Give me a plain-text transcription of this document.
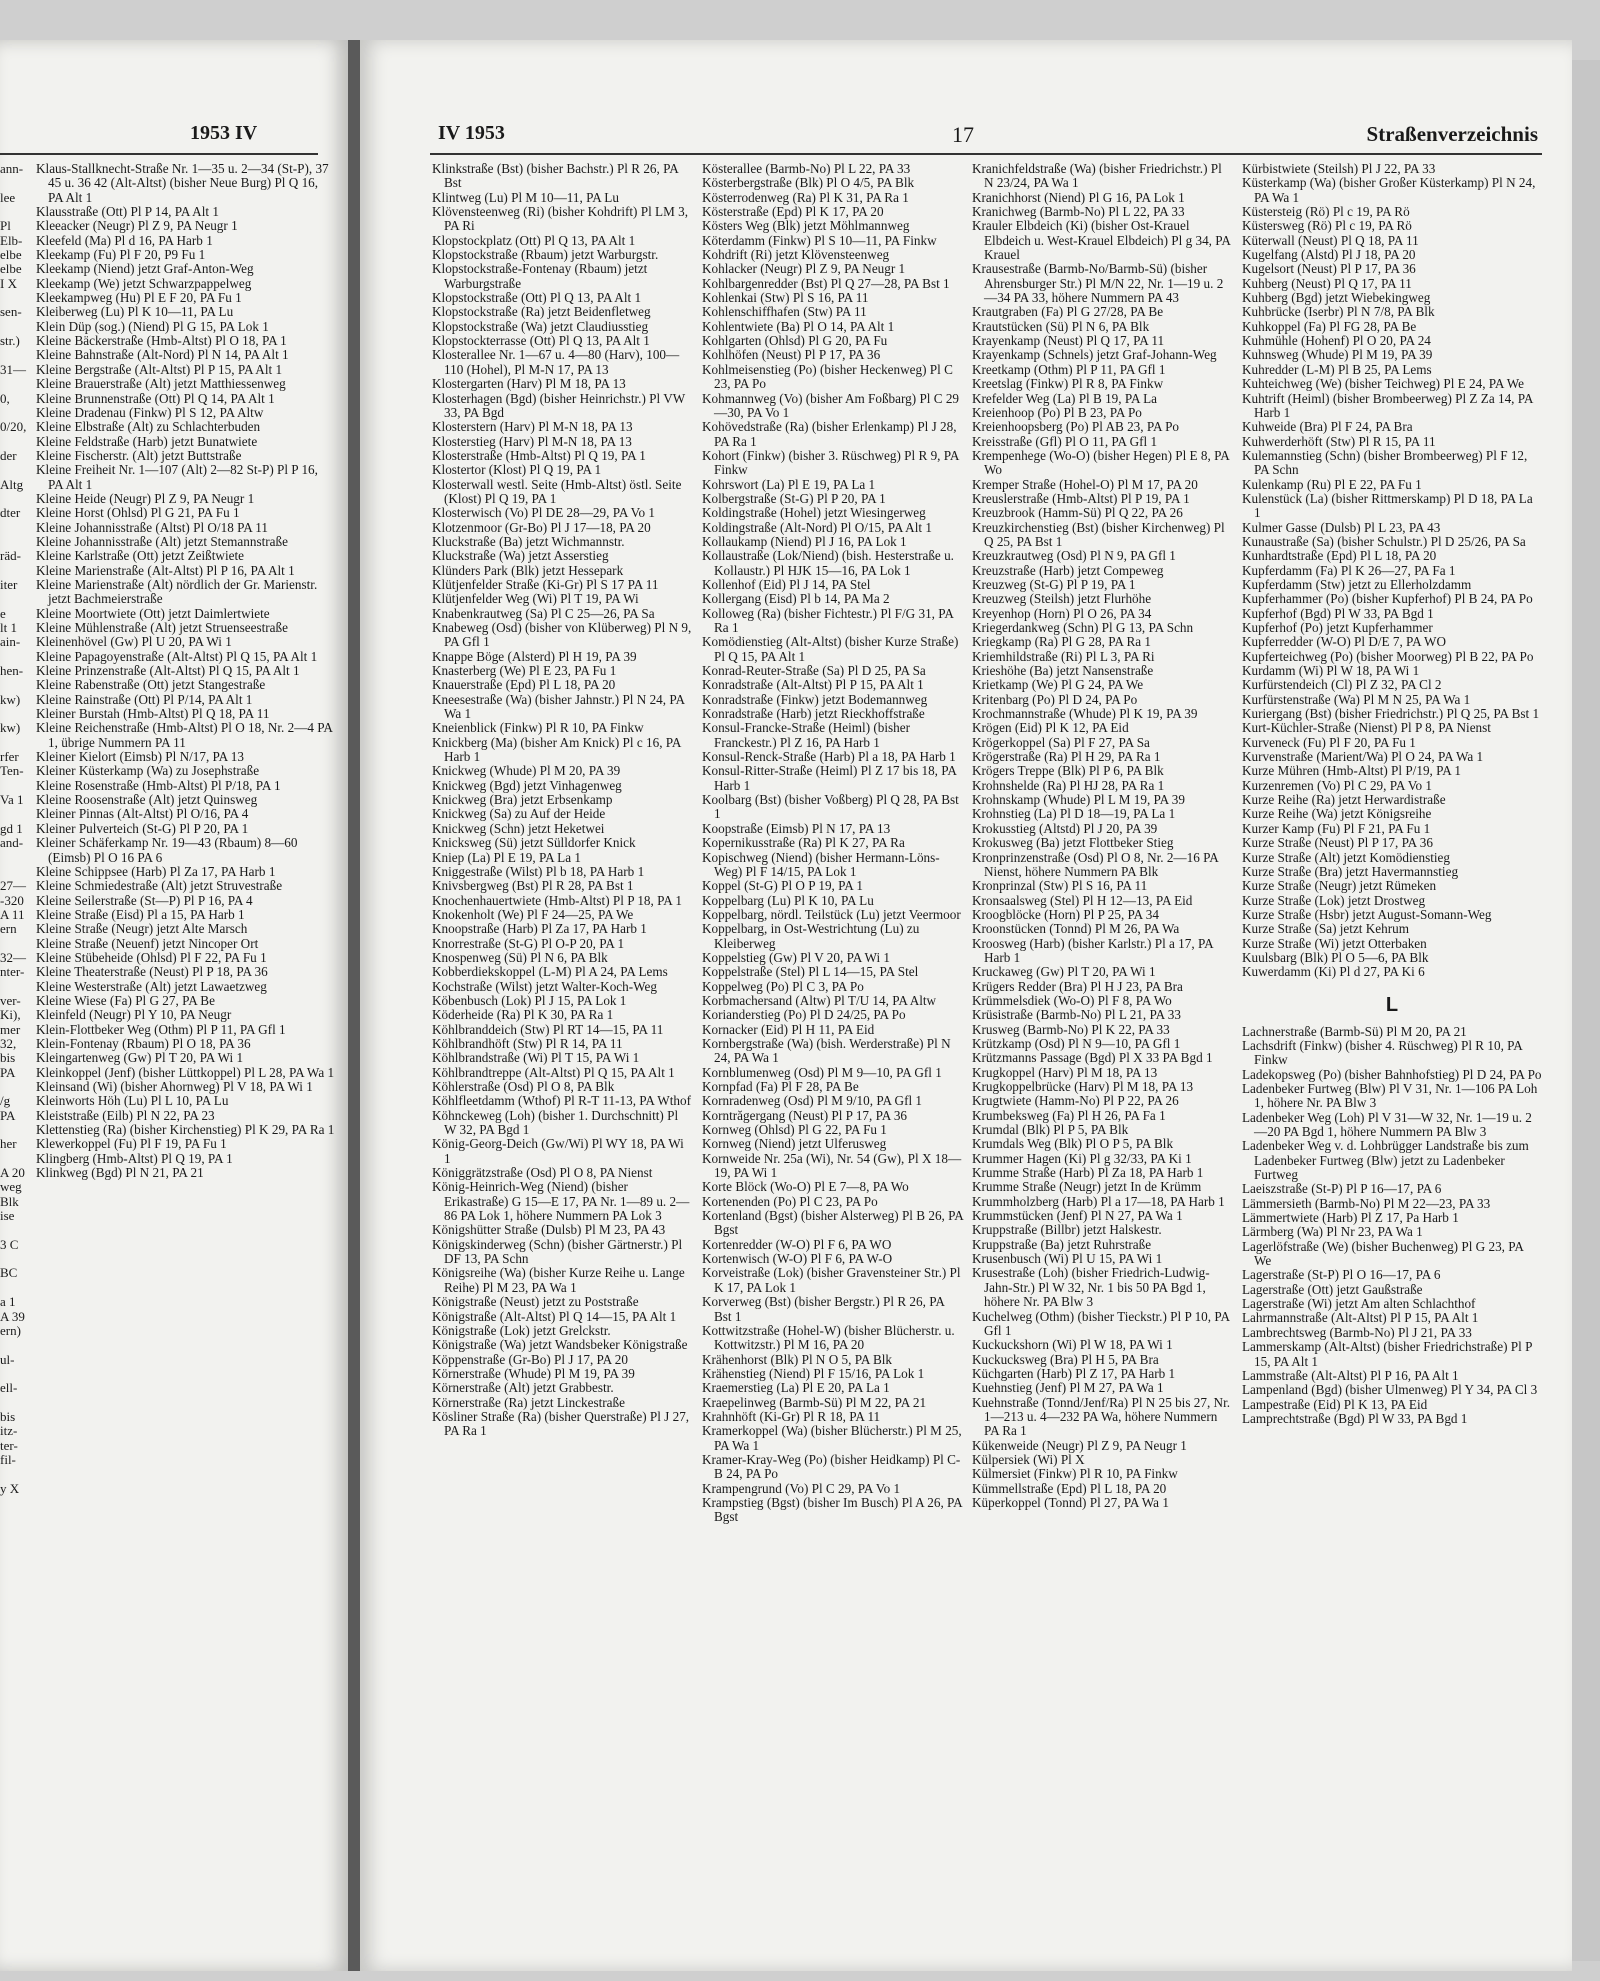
1953 IV
ann-

lee

Pl
Elb-
elbe
elbe
I X

sen-

str.)

31—

0,

0/20,

der

Altg

dter

räd-

iter

e
lt 1
ain-

hen-

kw)

kw)

rfer
Ten-

Va 1

gd 1
and-

27—
-320
A 11
ern

32—
nter-

ver-
Ki),
mer
32,
bis
PA

/g
PA

her

A 20
weg
Blk
ise

3 C

BC

a 1
A 39
ern)

ul-

ell-

bis
itz-
ter-
fil-

y X
Klaus-Stallknecht-Straße Nr. 1—35 u. 2—34 (St-P), 37 45 u. 36 42 (Alt-Altst) (bisher Neue Burg) Pl Q 16, PA Alt 1
Klausstraße (Ott) Pl P 14, PA Alt 1
Kleeacker (Neugr) Pl Z 9, PA Neugr 1
Kleefeld (Ma) Pl d 16, PA Harb 1
Kleekamp (Fu) Pl F 20, P9 Fu 1
Kleekamp (Niend) jetzt Graf-Anton-Weg
Kleekamp (We) jetzt Schwarzpappelweg
Kleekampweg (Hu) Pl E F 20, PA Fu 1
Kleiberweg (Lu) Pl K 10—11, PA Lu
Klein Düp (sog.) (Niend) Pl G 15, PA Lok 1
Kleine Bäckerstraße (Hmb-Altst) Pl O 18, PA 1
Kleine Bahnstraße (Alt-Nord) Pl N 14, PA Alt 1
Kleine Bergstraße (Alt-Altst) Pl P 15, PA Alt 1
Kleine Brauerstraße (Alt) jetzt Matthiessenweg
Kleine Brunnenstraße (Ott) Pl Q 14, PA Alt 1
Kleine Dradenau (Finkw) Pl S 12, PA Altw
Kleine Elbstraße (Alt) zu Schlachterbuden
Kleine Feldstraße (Harb) jetzt Bunatwiete
Kleine Fischerstr. (Alt) jetzt Buttstraße
Kleine Freiheit Nr. 1—107 (Alt) 2—82 St-P) Pl P 16, PA Alt 1
Kleine Heide (Neugr) Pl Z 9, PA Neugr 1
Kleine Horst (Ohlsd) Pl G 21, PA Fu 1
Kleine Johannisstraße (Altst) Pl O/18 PA 11
Kleine Johannisstraße (Alt) jetzt Stemannstraße
Kleine Karlstraße (Ott) jetzt Zeißtwiete
Kleine Marienstraße (Alt-Altst) Pl P 16, PA Alt 1
Kleine Marienstraße (Alt) nördlich der Gr. Marienstr. jetzt Bachmeierstraße
Kleine Moortwiete (Ott) jetzt Daimlertwiete
Kleine Mühlenstraße (Alt) jetzt Struenseestraße
Kleinenhövel (Gw) Pl U 20, PA Wi 1
Kleine Papagoyenstraße (Alt-Altst) Pl Q 15, PA Alt 1
Kleine Prinzenstraße (Alt-Altst) Pl Q 15, PA Alt 1
Kleine Rabenstraße (Ott) jetzt Stangestraße
Kleine Rainstraße (Ott) Pl P/14, PA Alt 1
Kleiner Burstah (Hmb-Altst) Pl Q 18, PA 11
Kleine Reichenstraße (Hmb-Altst) Pl O 18, Nr. 2—4 PA 1, übrige Nummern PA 11
Kleiner Kielort (Eimsb) Pl N/17, PA 13
Kleiner Küsterkamp (Wa) zu Josephstraße
Kleine Rosenstraße (Hmb-Altst) Pl P/18, PA 1
Kleine Roosenstraße (Alt) jetzt Quinsweg
Kleiner Pinnas (Alt-Altst) Pl O/16, PA 4
Kleiner Pulverteich (St-G) Pl P 20, PA 1
Kleiner Schäferkamp Nr. 19—43 (Rbaum) 8—60 (Eimsb) Pl O 16 PA 6
Kleine Schippsee (Harb) Pl Za 17, PA Harb 1
Kleine Schmiedestraße (Alt) jetzt Struvestraße
Kleine Seilerstraße (St—P) Pl P 16, PA 4
Kleine Straße (Eisd) Pl a 15, PA Harb 1
Kleine Straße (Neugr) jetzt Alte Marsch
Kleine Straße (Neuenf) jetzt Nincoper Ort
Kleine Stübeheide (Ohlsd) Pl F 22, PA Fu 1
Kleine Theaterstraße (Neust) Pl P 18, PA 36
Kleine Westerstraße (Alt) jetzt Lawaetzweg
Kleine Wiese (Fa) Pl G 27, PA Be
Kleinfeld (Neugr) Pl Y 10, PA Neugr
Klein-Flottbeker Weg (Othm) Pl P 11, PA Gfl 1
Klein-Fontenay (Rbaum) Pl O 18, PA 36
Kleingartenweg (Gw) Pl T 20, PA Wi 1
Kleinkoppel (Jenf) (bisher Lüttkoppel) Pl L 28, PA Wa 1
Kleinsand (Wi) (bisher Ahornweg) Pl V 18, PA Wi 1
Kleinworts Höh (Lu) Pl L 10, PA Lu
Kleiststraße (Eilb) Pl N 22, PA 23
Klettenstieg (Ra) (bisher Kirchenstieg) Pl K 29, PA Ra 1
Klewerkoppel (Fu) Pl F 19, PA Fu 1
Klingberg (Hmb-Altst) Pl Q 19, PA 1
Klinkweg (Bgd) Pl N 21, PA 21
IV 1953	17	Straßenverzeichnis
Klinkstraße (Bst) (bisher Bachstr.) Pl R 26, PA Bst
Klintweg (Lu) Pl M 10—11, PA Lu
Klövensteenweg (Ri) (bisher Kohdrift) Pl LM 3, PA Ri
Klopstockplatz (Ott) Pl Q 13, PA Alt 1
Klopstockstraße (Rbaum) jetzt Warburgstr.
Klopstockstraße-Fontenay (Rbaum) jetzt Warburgstraße
Klopstockstraße (Ott) Pl Q 13, PA Alt 1
Klopstockstraße (Ra) jetzt Beidenfletweg
Klopstockstraße (Wa) jetzt Claudiusstieg
Klopstockterrasse (Ott) Pl Q 13, PA Alt 1
Klosterallee Nr. 1—67 u. 4—80 (Harv), 100—110 (Hohel), Pl M-N 17, PA 13
Klostergarten (Harv) Pl M 18, PA 13
Klosterhagen (Bgd) (bisher Heinrichstr.) Pl VW 33, PA Bgd
Klosterstern (Harv) Pl M-N 18, PA 13
Klosterstieg (Harv) Pl M-N 18, PA 13
Klosterstraße (Hmb-Altst) Pl Q 19, PA 1
Klostertor (Klost) Pl Q 19, PA 1
Klosterwall westl. Seite (Hmb-Altst) östl. Seite (Klost) Pl Q 19, PA 1
Klosterwisch (Vo) Pl DE 28—29, PA Vo 1
Klotzenmoor (Gr-Bo) Pl J 17—18, PA 20
Kluckstraße (Ba) jetzt Wichmannstr.
Kluckstraße (Wa) jetzt Asserstieg
Klünders Park (Blk) jetzt Hessepark
Klütjenfelder Straße (Ki-Gr) Pl S 17 PA 11
Klütjenfelder Weg (Wi) Pl T 19, PA Wi
Knabenkrautweg (Sa) Pl C 25—26, PA Sa
Knabeweg (Osd) (bisher von Klüberweg) Pl N 9, PA Gfl 1
Knappe Böge (Alsterd) Pl H 19, PA 39
Knasterberg (We) Pl E 23, PA Fu 1
Knauerstraße (Epd) Pl L 18, PA 20
Kneesestraße (Wa) (bisher Jahnstr.) Pl N 24, PA Wa 1
Kneienblick (Finkw) Pl R 10, PA Finkw
Knickberg (Ma) (bisher Am Knick) Pl c 16, PA Harb 1
Knickweg (Whude) Pl M 20, PA 39
Knickweg (Bgd) jetzt Vinhagenweg
Knickweg (Bra) jetzt Erbsenkamp
Knickweg (Sa) zu Auf der Heide
Knickweg (Schn) jetzt Heketwei
Knicksweg (Sü) jetzt Sülldorfer Knick
Kniep (La) Pl E 19, PA La 1
Kniggestraße (Wilst) Pl b 18, PA Harb 1
Knivsbergweg (Bst) Pl R 28, PA Bst 1
Knochenhauertwiete (Hmb-Altst) Pl P 18, PA 1
Knokenholt (We) Pl F 24—25, PA We
Knoopstraße (Harb) Pl Za 17, PA Harb 1
Knorrestraße (St-G) Pl O-P 20, PA 1
Knospenweg (Sü) Pl N 6, PA Blk
Kobberdiekskoppel (L-M) Pl A 24, PA Lems
Kochstraße (Wilst) jetzt Walter-Koch-Weg
Köbenbusch (Lok) Pl J 15, PA Lok 1
Köderheide (Ra) Pl K 30, PA Ra 1
Köhlbranddeich (Stw) Pl RT 14—15, PA 11
Köhlbrandhöft (Stw) Pl R 14, PA 11
Köhlbrandstraße (Wi) Pl T 15, PA Wi 1
Köhlbrandtreppe (Alt-Altst) Pl Q 15, PA Alt 1
Köhlerstraße (Osd) Pl O 8, PA Blk
Köhlfleetdamm (Wthof) Pl R-T 11-13, PA Wthof
Köhnckeweg (Loh) (bisher 1. Durchschnitt) Pl W 32, PA Bgd 1
König-Georg-Deich (Gw/Wi) Pl WY 18, PA Wi 1
Königgrätzstraße (Osd) Pl O 8, PA Nienst
König-Heinrich-Weg (Niend) (bisher Erikastraße) G 15—E 17, PA Nr. 1—89 u. 2—86 PA Lok 1, höhere Nummern PA Lok 3
Königshütter Straße (Dulsb) Pl M 23, PA 43
Königskinderweg (Schn) (bisher Gärtnerstr.) Pl DF 13, PA Schn
Königsreihe (Wa) (bisher Kurze Reihe u. Lange Reihe) Pl M 23, PA Wa 1
Königstraße (Neust) jetzt zu Poststraße
Königstraße (Alt-Altst) Pl Q 14—15, PA Alt 1
Königstraße (Lok) jetzt Grelckstr.
Königstraße (Wa) jetzt Wandsbeker Königstraße
Köppenstraße (Gr-Bo) Pl J 17, PA 20
Körnerstraße (Whude) Pl M 19, PA 39
Körnerstraße (Alt) jetzt Grabbestr.
Körnerstraße (Ra) jetzt Linckestraße
Kösliner Straße (Ra) (bisher Querstraße) Pl J 27, PA Ra 1
Kösterallee (Barmb-No) Pl L 22, PA 33
Kösterbergstraße (Blk) Pl O 4/5, PA Blk
Kösterrodenweg (Ra) Pl K 31, PA Ra 1
Kösterstraße (Epd) Pl K 17, PA 20
Kösters Weg (Blk) jetzt Möhlmannweg
Köterdamm (Finkw) Pl S 10—11, PA Finkw
Kohdrift (Ri) jetzt Klövensteenweg
Kohlacker (Neugr) Pl Z 9, PA Neugr 1
Kohlbargenredder (Bst) Pl Q 27—28, PA Bst 1
Kohlenkai (Stw) Pl S 16, PA 11
Kohlenschiffhafen (Stw) PA 11
Kohlentwiete (Ba) Pl O 14, PA Alt 1
Kohlgarten (Ohlsd) Pl G 20, PA Fu
Kohlhöfen (Neust) Pl P 17, PA 36
Kohlmeisenstieg (Po) (bisher Heckenweg) Pl C 23, PA Po
Kohmannweg (Vo) (bisher Am Foßbarg) Pl C 29—30, PA Vo 1
Kohövedstraße (Ra) (bisher Erlenkamp) Pl J 28, PA Ra 1
Kohort (Finkw) (bisher 3. Rüschweg) Pl R 9, PA Finkw
Kohrswort (La) Pl E 19, PA La 1
Kolbergstraße (St-G) Pl P 20, PA 1
Koldingstraße (Hohel) jetzt Wiesingerweg
Koldingstraße (Alt-Nord) Pl O/15, PA Alt 1
Kollaukamp (Niend) Pl J 16, PA Lok 1
Kollaustraße (Lok/Niend) (bish. Hesterstraße u. Kollaustr.) Pl HJK 15—16, PA Lok 1
Kollenhof (Eid) Pl J 14, PA Stel
Kollergang (Eisd) Pl b 14, PA Ma 2
Kolloweg (Ra) (bisher Fichtestr.) Pl F/G 31, PA Ra 1
Komödienstieg (Alt-Altst) (bisher Kurze Straße) Pl Q 15, PA Alt 1
Konrad-Reuter-Straße (Sa) Pl D 25, PA Sa
Konradstraße (Alt-Altst) Pl P 15, PA Alt 1
Konradstraße (Finkw) jetzt Bodemannweg
Konradstraße (Harb) jetzt Rieckhoffstraße
Konsul-Francke-Straße (Heiml) (bisher Franckestr.) Pl Z 16, PA Harb 1
Konsul-Renck-Straße (Harb) Pl a 18, PA Harb 1
Konsul-Ritter-Straße (Heiml) Pl Z 17 bis 18, PA Harb 1
Koolbarg (Bst) (bisher Voßberg) Pl Q 28, PA Bst 1
Koopstraße (Eimsb) Pl N 17, PA 13
Kopernikusstraße (Ra) Pl K 27, PA Ra
Kopischweg (Niend) (bisher Hermann-Löns-Weg) Pl F 14/15, PA Lok 1
Koppel (St-G) Pl O P 19, PA 1
Koppelbarg (Lu) Pl K 10, PA Lu
Koppelbarg, nördl. Teilstück (Lu) jetzt Veermoor
Koppelbarg, in Ost-Westrichtung (Lu) zu Kleiberweg
Koppelstieg (Gw) Pl V 20, PA Wi 1
Koppelstraße (Stel) Pl L 14—15, PA Stel
Koppelweg (Po) Pl C 3, PA Po
Korbmachersand (Altw) Pl T/U 14, PA Altw
Korianderstieg (Po) Pl D 24/25, PA Po
Kornacker (Eid) Pl H 11, PA Eid
Kornbergstraße (Wa) (bish. Werderstraße) Pl N 24, PA Wa 1
Kornblumenweg (Osd) Pl M 9—10, PA Gfl 1
Kornpfad (Fa) Pl F 28, PA Be
Kornradenweg (Osd) Pl M 9/10, PA Gfl 1
Korntrăgergang (Neust) Pl P 17, PA 36
Kornweg (Ohlsd) Pl G 22, PA Fu 1
Kornweg (Niend) jetzt Ulferusweg
Kornweide Nr. 25a (Wi), Nr. 54 (Gw), Pl X 18—19, PA Wi 1
Korte Blöck (Wo-O) Pl E 7—8, PA Wo
Kortenenden (Po) Pl C 23, PA Po
Kortenland (Bgst) (bisher Alsterweg) Pl B 26, PA Bgst
Kortenredder (W-O) Pl F 6, PA WO
Kortenwisch (W-O) Pl F 6, PA W-O
Korveistraße (Lok) (bisher Gravensteiner Str.) Pl K 17, PA Lok 1
Korverweg (Bst) (bisher Bergstr.) Pl R 26, PA Bst 1
Kottwitzstraße (Hohel-W) (bisher Blücherstr. u. Kottwitzstr.) Pl M 16, PA 20
Krähenhorst (Blk) Pl N O 5, PA Blk
Krähenstieg (Niend) Pl F 15/16, PA Lok 1
Kraemerstieg (La) Pl E 20, PA La 1
Kraepelinweg (Barmb-Sü) Pl M 22, PA 21
Krahnhöft (Ki-Gr) Pl R 18, PA 11
Kramerkoppel (Wa) (bisher Blücherstr.) Pl M 25, PA Wa 1
Kramer-Kray-Weg (Po) (bisher Heidkamp) Pl C-B 24, PA Po
Krampengrund (Vo) Pl C 29, PA Vo 1
Krampstieg (Bgst) (bisher Im Busch) Pl A 26, PA Bgst
Kranichfeldstraße (Wa) (bisher Friedrichstr.) Pl N 23/24, PA Wa 1
Kranichhorst (Niend) Pl G 16, PA Lok 1
Kranichweg (Barmb-No) Pl L 22, PA 33
Krauler Elbdeich (Ki) (bisher Ost-Krauel Elbdeich u. West-Krauel Elbdeich) Pl g 34, PA Krauel
Krausestraße (Barmb-No/Barmb-Sü) (bisher Ahrensburger Str.) Pl M/N 22, Nr. 1—19 u. 2—34 PA 33, höhere Nummern PA 43
Krautgraben (Fa) Pl G 27/28, PA Be
Krautstücken (Sü) Pl N 6, PA Blk
Krayenkamp (Neust) Pl Q 17, PA 11
Krayenkamp (Schnels) jetzt Graf-Johann-Weg
Kreetkamp (Othm) Pl P 11, PA Gfl 1
Kreetslag (Finkw) Pl R 8, PA Finkw
Krefelder Weg (La) Pl B 19, PA La
Kreienhoop (Po) Pl B 23, PA Po
Kreienhoopsberg (Po) Pl AB 23, PA Po
Kreisstraße (Gfl) Pl O 11, PA Gfl 1
Krempenhege (Wo-O) (bisher Hegen) Pl E 8, PA Wo
Kremper Straße (Hohel-O) Pl M 17, PA 20
Kreuslerstraße (Hmb-Altst) Pl P 19, PA 1
Kreuzbrook (Hamm-Sü) Pl Q 22, PA 26
Kreuzkirchenstieg (Bst) (bisher Kirchenweg) Pl Q 25, PA Bst 1
Kreuzkrautweg (Osd) Pl N 9, PA Gfl 1
Kreuzstraße (Harb) jetzt Compeweg
Kreuzweg (St-G) Pl P 19, PA 1
Kreuzweg (Steilsh) jetzt Flurhöhe
Kreyenhop (Horn) Pl O 26, PA 34
Kriegerdankweg (Schn) Pl G 13, PA Schn
Kriegkamp (Ra) Pl G 28, PA Ra 1
Kriemhildstraße (Ri) Pl L 3, PA Ri
Krieshöhe (Ba) jetzt Nansenstraße
Krietkamp (We) Pl G 24, PA We
Kritenbarg (Po) Pl D 24, PA Po
Krochmannstraße (Whude) Pl K 19, PA 39
Krögen (Eid) Pl K 12, PA Eid
Krögerkoppel (Sa) Pl F 27, PA Sa
Krögerstraße (Ra) Pl H 29, PA Ra 1
Krögers Treppe (Blk) Pl P 6, PA Blk
Krohnshelde (Ra) Pl HJ 28, PA Ra 1
Krohnskamp (Whude) Pl L M 19, PA 39
Krohnstieg (La) Pl D 18—19, PA La 1
Krokusstieg (Altstd) Pl J 20, PA 39
Krokusweg (Ba) jetzt Flottbeker Stieg
Kronprinzenstraße (Osd) Pl O 8, Nr. 2—16 PA Nienst, höhere Nummern PA Blk
Kronprinzal (Stw) Pl S 16, PA 11
Kronsaalsweg (Stel) Pl H 12—13, PA Eid
Kroogblöcke (Horn) Pl P 25, PA 34
Kroonstücken (Tonnd) Pl M 26, PA Wa
Kroosweg (Harb) (bisher Karlstr.) Pl a 17, PA Harb 1
Kruckaweg (Gw) Pl T 20, PA Wi 1
Krügers Redder (Bra) Pl H J 23, PA Bra
Krümmelsdiek (Wo-O) Pl F 8, PA Wo
Krüsistraße (Barmb-No) Pl L 21, PA 33
Krusweg (Barmb-No) Pl K 22, PA 33
Krützkamp (Osd) Pl N 9—10, PA Gfl 1
Krützmanns Passage (Bgd) Pl X 33 PA Bgd 1
Krugkoppel (Harv) Pl M 18, PA 13
Krugkoppelbrücke (Harv) Pl M 18, PA 13
Krugtwiete (Hamm-No) Pl P 22, PA 26
Krumbeksweg (Fa) Pl H 26, PA Fa 1
Krumdal (Blk) Pl P 5, PA Blk
Krumdals Weg (Blk) Pl O P 5, PA Blk
Krummer Hagen (Ki) Pl g 32/33, PA Ki 1
Krumme Straße (Harb) Pl Za 18, PA Harb 1
Krumme Straße (Neugr) jetzt In de Krümm
Krummholzberg (Harb) Pl a 17—18, PA Harb 1
Krummstücken (Jenf) Pl N 27, PA Wa 1
Kruppstraße (Billbr) jetzt Halskestr.
Kruppstraße (Ba) jetzt Ruhrstraße
Krusenbusch (Wi) Pl U 15, PA Wi 1
Krusestraße (Loh) (bisher Friedrich-Ludwig-Jahn-Str.) Pl W 32, Nr. 1 bis 50 PA Bgd 1, höhere Nr. PA Blw 3
Kuchelweg (Othm) (bisher Tieckstr.) Pl P 10, PA Gfl 1
Kuckuckshorn (Wi) Pl W 18, PA Wi 1
Kuckucksweg (Bra) Pl H 5, PA Bra
Küchgarten (Harb) Pl Z 17, PA Harb 1
Kuehnstieg (Jenf) Pl M 27, PA Wa 1
Kuehnstraße (Tonnd/Jenf/Ra) Pl N 25 bis 27, Nr. 1—213 u. 4—232 PA Wa, höhere Nummern PA Ra 1
Kükenweide (Neugr) Pl Z 9, PA Neugr 1
Külpersiek (Wi) Pl X
Külmersiet (Finkw) Pl R 10, PA Finkw
Kümmellstraße (Epd) Pl L 18, PA 20
Küperkoppel (Tonnd) Pl 27, PA Wa 1
Kürbistwiete (Steilsh) Pl J 22, PA 33
Küsterkamp (Wa) (bisher Großer Küsterkamp) Pl N 24, PA Wa 1
Küstersteig (Rö) Pl c 19, PA Rö
Küstersweg (Rö) Pl c 19, PA Rö
Küterwall (Neust) Pl Q 18, PA 11
Kugelfang (Alstd) Pl J 18, PA 20
Kugelsort (Neust) Pl P 17, PA 36
Kuhberg (Neust) Pl Q 17, PA 11
Kuhberg (Bgd) jetzt Wiebekingweg
Kuhbrücke (Iserbr) Pl N 7/8, PA Blk
Kuhkoppel (Fa) Pl FG 28, PA Be
Kuhmühle (Hohenf) Pl O 20, PA 24
Kuhnsweg (Whude) Pl M 19, PA 39
Kuhredder (L-M) Pl B 25, PA Lems
Kuhteichweg (We) (bisher Teichweg) Pl E 24, PA We
Kuhtrift (Heiml) (bisher Brombeerweg) Pl Z Za 14, PA Harb 1
Kuhweide (Bra) Pl F 24, PA Bra
Kuhwerderhöft (Stw) Pl R 15, PA 11
Kulemannstieg (Schn) (bisher Brombeerweg) Pl F 12, PA Schn
Kulenkamp (Ru) Pl E 22, PA Fu 1
Kulenstück (La) (bisher Rittmerskamp) Pl D 18, PA La 1
Kulmer Gasse (Dulsb) Pl L 23, PA 43
Kunaustraße (Sa) (bisher Schulstr.) Pl D 25/26, PA Sa
Kunhardtstraße (Epd) Pl L 18, PA 20
Kupferdamm (Fa) Pl K 26—27, PA Fa 1
Kupferdamm (Stw) jetzt zu Ellerholzdamm
Kupferhammer (Po) (bisher Kupferhof) Pl B 24, PA Po
Kupferhof (Bgd) Pl W 33, PA Bgd 1
Kupferhof (Po) jetzt Kupferhammer
Kupferredder (W-O) Pl D/E 7, PA WO
Kupferteichweg (Po) (bisher Moorweg) Pl B 22, PA Po
Kurdamm (Wi) Pl W 18, PA Wi 1
Kurfürstendeich (Cl) Pl Z 32, PA Cl 2
Kurfürstenstraße (Wa) Pl M N 25, PA Wa 1
Kuriergang (Bst) (bisher Friedrichstr.) Pl Q 25, PA Bst 1
Kurt-Küchler-Straße (Nienst) Pl P 8, PA Nienst
Kurveneck (Fu) Pl F 20, PA Fu 1
Kurvenstraße (Marient/Wa) Pl O 24, PA Wa 1
Kurze Mühren (Hmb-Altst) Pl P/19, PA 1
Kurzenremen (Vo) Pl C 29, PA Vo 1
Kurze Reihe (Ra) jetzt Herwardistraße
Kurze Reihe (Wa) jetzt Königsreihe
Kurzer Kamp (Fu) Pl F 21, PA Fu 1
Kurze Straße (Neust) Pl P 17, PA 36
Kurze Straße (Alt) jetzt Komödienstieg
Kurze Straße (Bra) jetzt Havermannstieg
Kurze Straße (Neugr) jetzt Rümeken
Kurze Straße (Lok) jetzt Drostweg
Kurze Straße (Hsbr) jetzt August-Somann-Weg
Kurze Straße (Sa) jetzt Kehrum
Kurze Straße (Wi) jetzt Otterbaken
Kuulsbarg (Blk) Pl O 5—6, PA Blk
Kuwerdamm (Ki) Pl d 27, PA Ki 6
L
Lachnerstraße (Barmb-Sü) Pl M 20, PA 21
Lachsdrift (Finkw) (bisher 4. Rüschweg) Pl R 10, PA Finkw
Ladekopsweg (Po) (bisher Bahnhofstieg) Pl D 24, PA Po
Ladenbeker Furtweg (Blw) Pl V 31, Nr. 1—106 PA Loh 1, höhere Nr. PA Blw 3
Ladenbeker Weg (Loh) Pl V 31—W 32, Nr. 1—19 u. 2—20 PA Bgd 1, höhere Nummern PA Blw 3
Ladenbeker Weg v. d. Lohbrügger Landstraße bis zum Ladenbeker Furtweg (Blw) jetzt zu Ladenbeker Furtweg
Laeiszstraße (St-P) Pl P 16—17, PA 6
Lämmersieth (Barmb-No) Pl M 22—23, PA 33
Lämmertwiete (Harb) Pl Z 17, Pa Harb 1
Lärmberg (Wa) Pl Nr 23, PA Wa 1
Lagerlöfstraße (We) (bisher Buchenweg) Pl G 23, PA We
Lagerstraße (St-P) Pl O 16—17, PA 6
Lagerstraße (Ott) jetzt Gaußstraße
Lagerstraße (Wi) jetzt Am alten Schlachthof
Lahrmannstraße (Alt-Altst) Pl P 15, PA Alt 1
Lambrechtsweg (Barmb-No) Pl J 21, PA 33
Lammerskamp (Alt-Altst) (bisher Friedrichstraße) Pl P 15, PA Alt 1
Lammstraße (Alt-Altst) Pl P 16, PA Alt 1
Lampenland (Bgd) (bisher Ulmenweg) Pl Y 34, PA Cl 3
Lampestraße (Eid) Pl K 13, PA Eid
Lamprechtstraße (Bgd) Pl W 33, PA Bgd 1
